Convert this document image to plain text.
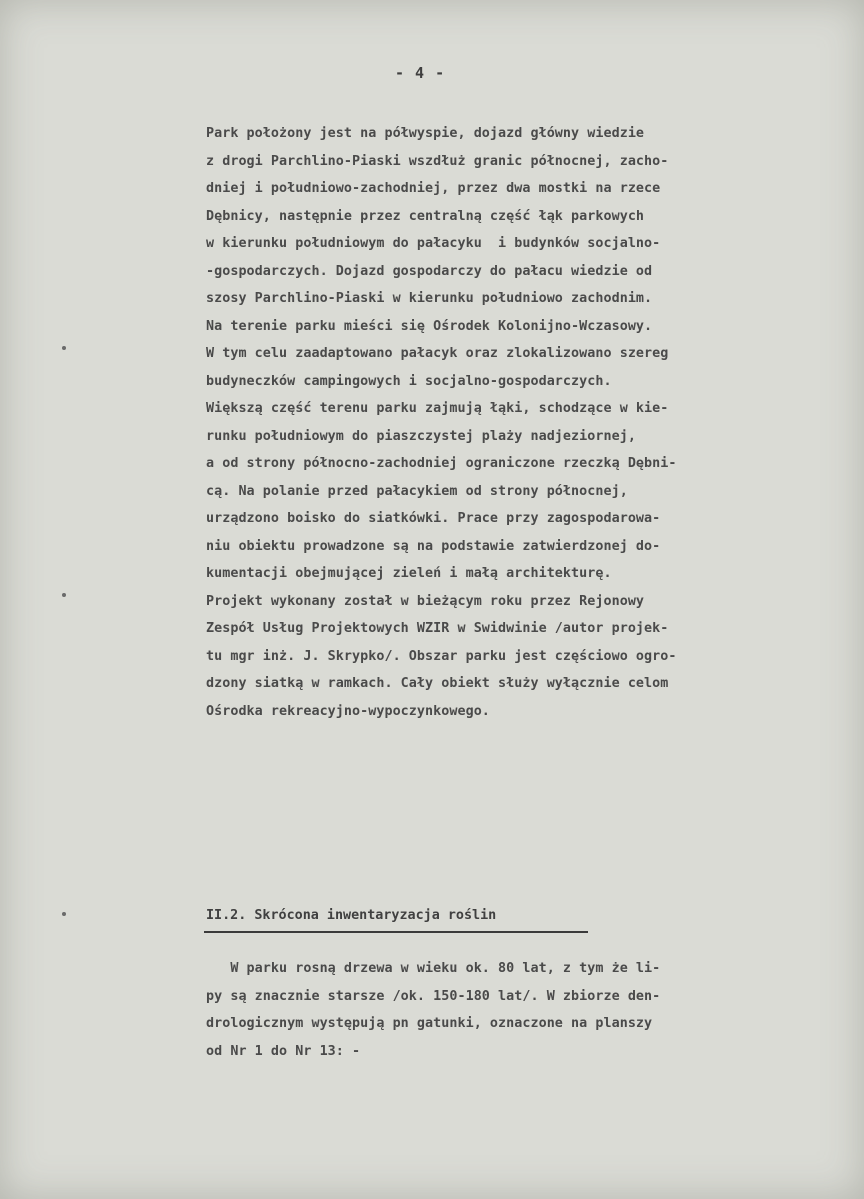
- 4 -
Park położony jest na półwyspie, dojazd główny wiedzie
z drogi Parchlino-Piaski wszdłuż granic północnej, zacho-
dniej i południowo-zachodniej, przez dwa mostki na rzece
Dębnicy, następnie przez centralną część łąk parkowych
w kierunku południowym do pałacyku  i budynków socjalno-
-gospodarczych. Dojazd gospodarczy do pałacu wiedzie od
szosy Parchlino-Piaski w kierunku południowo zachodnim.
Na terenie parku mieści się Ośrodek Kolonijno-Wczasowy.
W tym celu zaadaptowano pałacyk oraz zlokalizowano szereg
budyneczków campingowych i socjalno-gospodarczych.
Większą część terenu parku zajmują łąki, schodzące w kie-
runku południowym do piaszczystej plaży nadjeziornej,
a od strony północno-zachodniej ograniczone rzeczką Dębni-
cą. Na polanie przed pałacykiem od strony północnej,
urządzono boisko do siatkówki. Prace przy zagospodarowa-
niu obiektu prowadzone są na podstawie zatwierdzonej do-
kumentacji obejmującej zieleń i małą architekturę.
Projekt wykonany został w bieżącym roku przez Rejonowy
Zespół Usług Projektowych WZIR w Swidwinie /autor projek-
tu mgr inż. J. Skrypko/. Obszar parku jest częściowo ogro-
dzony siatką w ramkach. Cały obiekt służy wyłącznie celom
Ośrodka rekreacyjno-wypoczynkowego.
II.2. Skrócona inwentaryzacja roślin
W parku rosną drzewa w wieku ok. 80 lat, z tym że li-
py są znacznie starsze /ok. 150-180 lat/. W zbiorze den-
drologicznym występują pn gatunki, oznaczone na planszy
od Nr 1 do Nr 13: -
